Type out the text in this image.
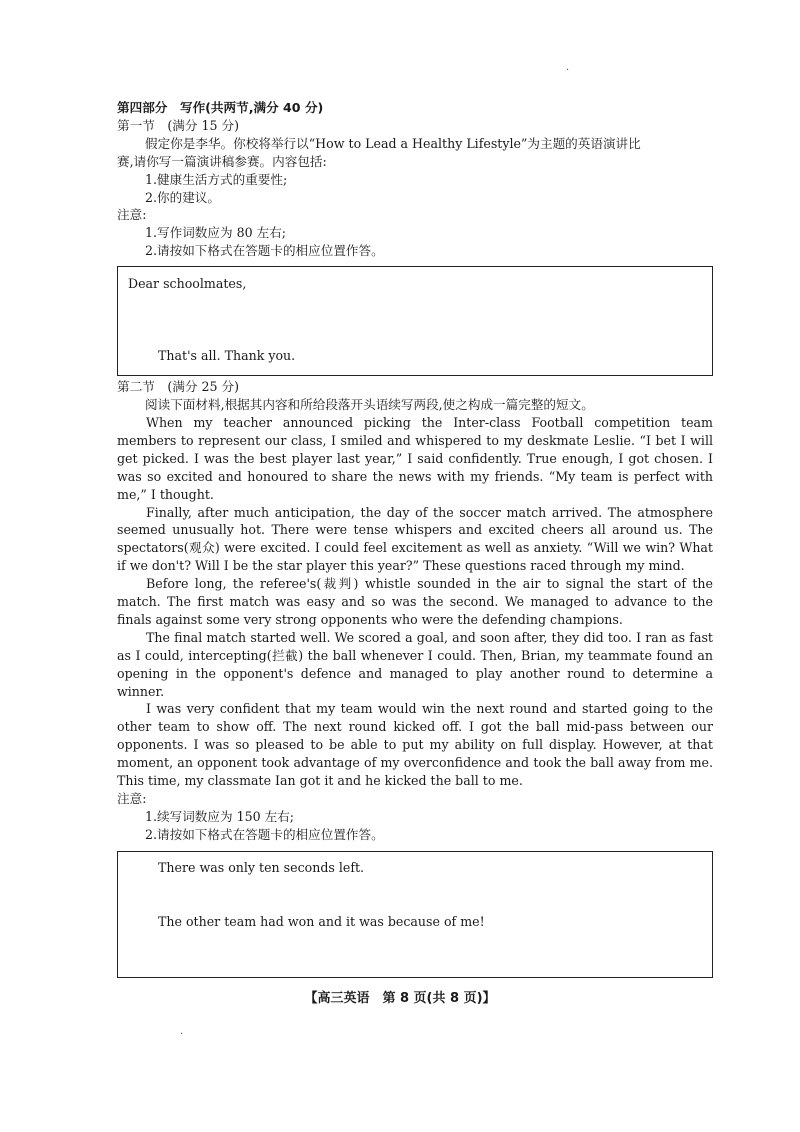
·
·
第四部分　写作(共两节,满分 40 分)
第一节　(满分 15 分)
假定你是李华。你校将举行以“How to Lead a Healthy Lifestyle”为主题的英语演讲比
赛,请你写一篇演讲稿参赛。内容包括:
1.健康生活方式的重要性;
2.你的建议。
注意:
1.写作词数应为 80 左右;
2.请按如下格式在答题卡的相应位置作答。
Dear schoolmates,
That's all. Thank you.
第二节　(满分 25 分)
阅读下面材料,根据其内容和所给段落开头语续写两段,使之构成一篇完整的短文。

When my teacher announced picking the Inter-class Football competition team members to represent our class, I smiled and whispered to my deskmate Leslie. “I bet I will get picked. I was the best player last year,” I said confidently. True enough, I got chosen. I was so excited and honoured to share the news with my friends. “My team is perfect with me,” I thought.

Finally, after much anticipation, the day of the soccer match arrived. The atmosphere seemed unusually hot. There were tense whispers and excited cheers all around us. The spectators(观众) were excited. I could feel excitement as well as anxiety. “Will we win? What if we don't? Will I be the star player this year?” These questions raced through my mind.

Before long, the referee's(裁判) whistle sounded in the air to signal the start of the match. The first match was easy and so was the second. We managed to advance to the finals against some very strong opponents who were the defending champions.

The final match started well. We scored a goal, and soon after, they did too. I ran as fast as I could, intercepting(拦截) the ball whenever I could. Then, Brian, my teammate found an opening in the opponent's defence and managed to play another round to determine a winner.

I was very confident that my team would win the next round and started going to the other team to show off. The next round kicked off. I got the ball mid-pass between our opponents. I was so pleased to be able to put my ability on full display. However, at that moment, an opponent took advantage of my overconfidence and took the ball away from me. This time, my classmate Ian got it and he kicked the ball to me.

注意:
1.续写词数应为 150 左右;
2.请按如下格式在答题卡的相应位置作答。
There was only ten seconds left.
The other team had won and it was because of me!
【高三英语　第 8 页(共 8 页)】
